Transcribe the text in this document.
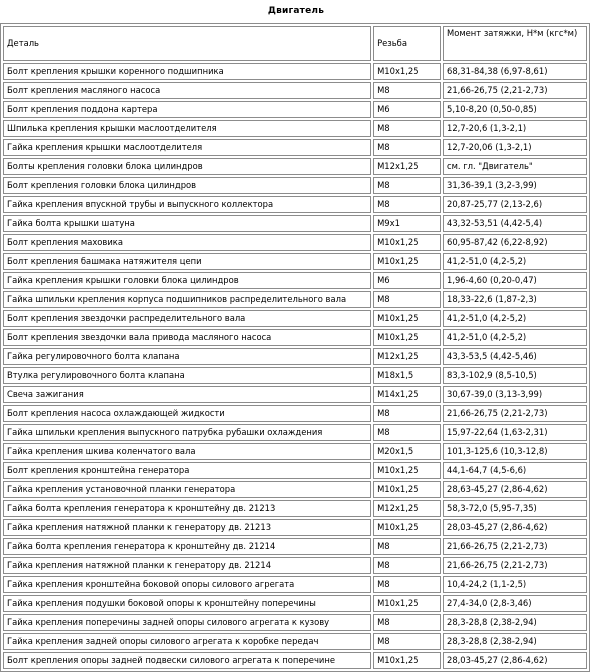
Двигатель
Деталь	Резьба	Момент затяжки, Н*м (кгс*м)
Болт крепления крышки коренного подшипника	M10x1,25	68,31-84,38 (6,97-8,61)
Болт крепления масляного насоса	M8	21,66-26,75 (2,21-2,73)
Болт крепления поддона картера	M6	5,10-8,20 (0,50-0,85)
Шпилька крепления крышки маслоотделителя	M8	12,7-20,6 (1,3-2,1)
Гайка крепления крышки маслоотделителя	M8	12,7-20,06 (1,3-2,1)
Болты крепления головки блока цилиндров	M12x1,25	см. гл. "Двигатель"
Болт крепления головки блока цилиндров	M8	31,36-39,1 (3,2-3,99)
Гайка крепления впускной трубы и выпускного коллектора	M8	20,87-25,77 (2,13-2,6)
Гайка болта крышки шатуна	M9x1	43,32-53,51 (4,42-5,4)
Болт крепления маховика	M10x1,25	60,95-87,42 (6,22-8,92)
Болт крепления башмака натяжителя цепи	M10x1,25	41,2-51,0 (4,2-5,2)
Гайка крепления крышки головки блока цилиндров	M6	1,96-4,60 (0,20-0,47)
Гайка шпильки крепления корпуса подшипников распределительного вала	M8	18,33-22,6 (1,87-2,3)
Болт крепления звездочки распределительного вала	M10x1,25	41,2-51,0 (4,2-5,2)
Болт крепления звездочки вала привода масляного насоса	M10x1,25	41,2-51,0 (4,2-5,2)
Гайка регулировочного болта клапана	M12x1,25	43,3-53,5 (4,42-5,46)
Втулка регулировочного болта клапана	M18x1,5	83,3-102,9 (8,5-10,5)
Свеча зажигания	M14x1,25	30,67-39,0 (3,13-3,99)
Болт крепления насоса охлаждающей жидкости	M8	21,66-26,75 (2,21-2,73)
Гайка шпильки крепления выпускного патрубка рубашки охлаждения	M8	15,97-22,64 (1,63-2,31)
Гайка крепления шкива коленчатого вала	M20x1,5	101,3-125,6 (10,3-12,8)
Болт крепления кронштейна генератора	M10x1,25	44,1-64,7 (4,5-6,6)
Гайка крепления установочной планки генератора	M10x1,25	28,63-45,27 (2,86-4,62)
Гайка болта крепления генератора к кронштейну дв. 21213	M12x1,25	58,3-72,0 (5,95-7,35)
Гайка крепления натяжной планки к генератору дв. 21213	M10x1,25	28,03-45,27 (2,86-4,62)
Гайка болта крепления генератора к кронштейну дв. 21214	M8	21,66-26,75 (2,21-2,73)
Гайка крепления натяжной планки к генератору дв. 21214	M8	21,66-26,75 (2,21-2,73)
Гайка крепления кронштейна боковой опоры силового агрегата	M8	10,4-24,2 (1,1-2,5)
Гайка крепления подушки боковой опоры к кронштейну поперечины	M10x1,25	27,4-34,0 (2,8-3,46)
Гайка крепления поперечины задней опоры силового агрегата к кузову	M8	28,3-28,8 (2,38-2,94)
Гайка крепления задней опоры силового агрегата к коробке передач	M8	28,3-28,8 (2,38-2,94)
Болт крепления опоры задней подвески силового агрегата к поперечине	M10x1,25	28,03-45,27 (2,86-4,62)
